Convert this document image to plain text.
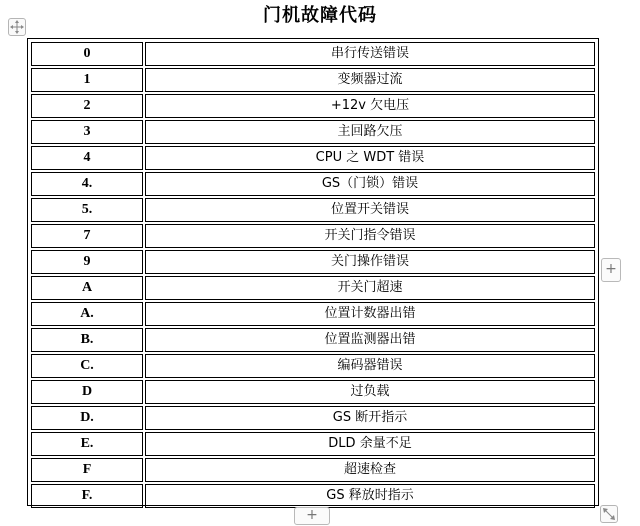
门机故障代码
0	串行传送错误
1	变频器过流
2	+12v 欠电压
3	主回路欠压
4	CPU 之 WDT 错误
4.	GS（门锁）错误
5.	位置开关错误
7	开关门指令错误
9	关门操作错误
A	开关门超速
A.	位置计数器出错
B.	位置监测器出错
C.	编码器错误
D	过负载
D.	GS 断开指示
E.	DLD 余量不足
F	超速检查
F.	GS 释放时指示
+
+
